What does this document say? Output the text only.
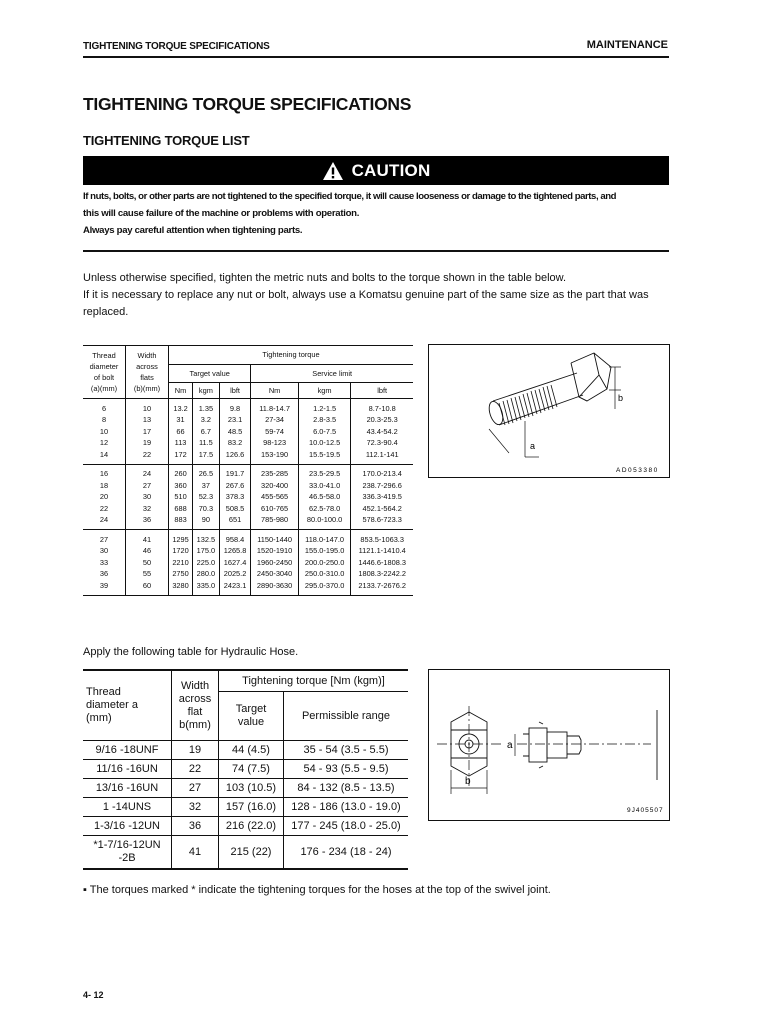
TIGHTENING TORQUE SPECIFICATIONS	MAINTENANCE
TIGHTENING TORQUE SPECIFICATIONS
TIGHTENING TORQUE LIST
CAUTION
If nuts, bolts, or other parts are not tightened to the specified torque, it will cause looseness or damage to the tightened parts, and
this will cause failure of the machine or problems with operation.
Always pay careful attention when tightening parts.
Unless otherwise specified, tighten the metric nuts and bolts to the torque shown in the table below.
If it is necessary to replace any nut or bolt, always use a Komatsu genuine part of the same size as the part that was replaced.
Thread
diameter
of bolt
(a)(mm)	Width
across
flats
(b)(mm)	Tightening torque					
		Target value			Service limit		
		Nm	kgm	lbft	Nm	kgm	lbft
6	10	13.2	1.35	9.8	11.8-14.7	1.2-1.5	8.7-10.8
8	13	31	3.2	23.1	27-34	2.8-3.5	20.3-25.3
10	17	66	6.7	48.5	59-74	6.0-7.5	43.4-54.2
12	19	113	11.5	83.2	98-123	10.0-12.5	72.3-90.4
14	22	172	17.5	126.6	153-190	15.5-19.5	112.1-141
16	24	260	26.5	191.7	235-285	23.5-29.5	170.0-213.4
18	27	360	37	267.6	320-400	33.0-41.0	238.7-296.6
20	30	510	52.3	378.3	455-565	46.5-58.0	336.3-419.5
22	32	688	70.3	508.5	610-765	62.5-78.0	452.1-564.2
24	36	883	90	651	785-980	80.0-100.0	578.6-723.3
27	41	1295	132.5	958.4	1150-1440	118.0-147.0	853.5-1063.3
30	46	1720	175.0	1265.8	1520-1910	155.0-195.0	1121.1-1410.4
33	50	2210	225.0	1627.4	1960-2450	200.0-250.0	1446.6-1808.3
36	55	2750	280.0	2025.2	2450-3040	250.0-310.0	1808.3-2242.2
39	60	3280	335.0	2423.1	2890-3630	295.0-370.0	2133.7-2676.2
b
a
AD053380
Apply the following table for Hydraulic Hose.
Thread
diameter a
(mm)	Width
across
flat
b(mm)	Tightening torque [Nm (kgm)]	
		Target
value	Permissible range
9/16 -18UNF	19	44 (4.5)	35 - 54 (3.5 - 5.5)
11/16 -16UN	22	74 (7.5)	54 - 93 (5.5 - 9.5)
13/16 -16UN	27	103 (10.5)	84 - 132 (8.5 - 13.5)
1 -14UNS	32	157 (16.0)	128 - 186 (13.0 - 19.0)
1-3/16 -12UN	36	216 (22.0)	177 - 245 (18.0 - 25.0)
*1-7/16-12UN -2B	41	215 (22)	176 - 234 (18 - 24)
a
b
9J405507
▪ The torques marked * indicate the tightening torques for the hoses at the top of the swivel joint.
4- 12
